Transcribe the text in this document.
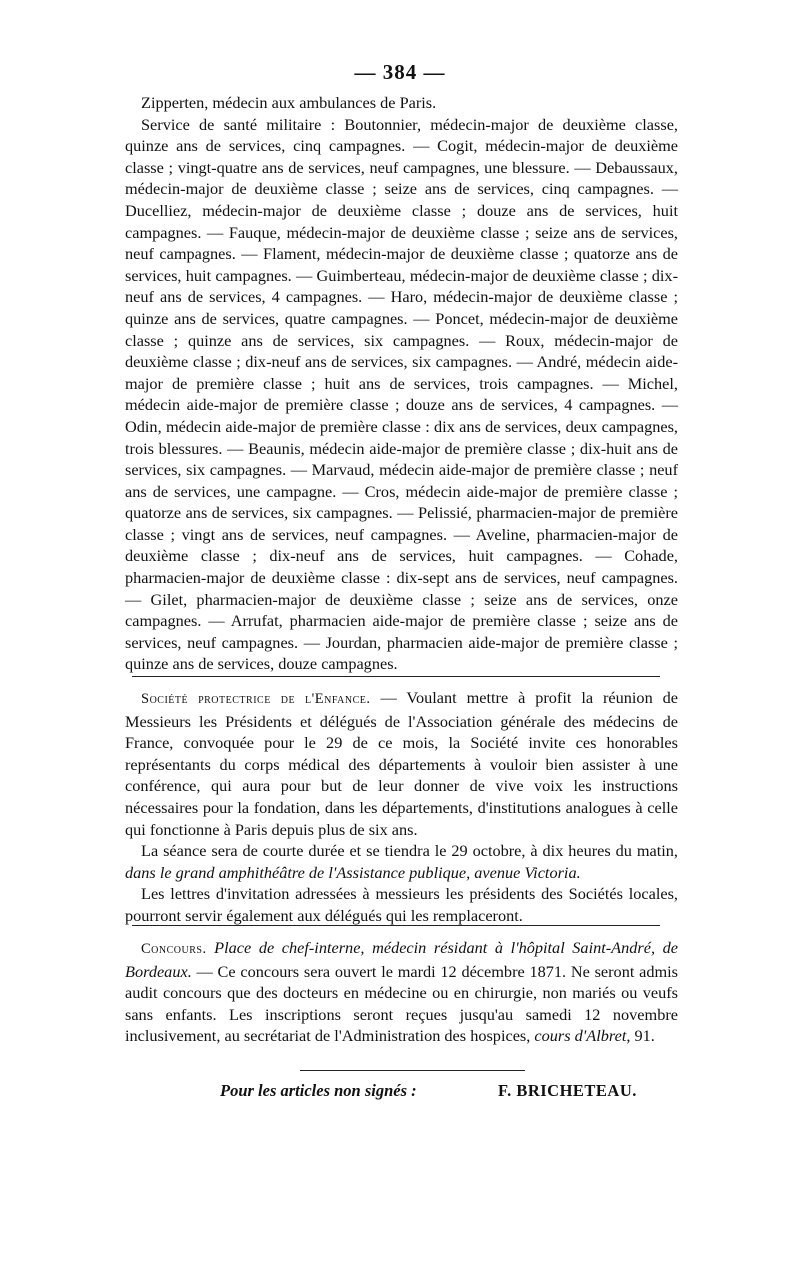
— 384 —

Zipperten, médecin aux ambulances de Paris.

Service de santé militaire : Boutonnier, médecin-major de deuxième classe, quinze ans de services, cinq campagnes. — Cogit, médecin-major de deuxième classe ; vingt-quatre ans de services, neuf campagnes, une blessure. — Debaussaux, médecin-major de deuxième classe ; seize ans de services, cinq campagnes. — Ducelliez, médecin-major de deuxième classe ; douze ans de services, huit campagnes. — Fauque, médecin-major de deuxième classe ; seize ans de services, neuf campagnes. — Flament, médecin-major de deuxième classe ; quatorze ans de services, huit campagnes. — Guimberteau, médecin-major de deuxième classe ; dix-neuf ans de services, 4 campagnes. — Haro, médecin-major de deuxième classe ; quinze ans de services, quatre campagnes. — Poncet, médecin-major de deuxième classe ; quinze ans de services, six campagnes. — Roux, médecin-major de deuxième classe ; dix-neuf ans de services, six campagnes. — André, médecin aide-major de première classe ; huit ans de services, trois campagnes. — Michel, médecin aide-major de première classe ; douze ans de services, 4 campagnes. — Odin, médecin aide-major de première classe : dix ans de services, deux campagnes, trois blessures. — Beaunis, médecin aide-major de première classe ; dix-huit ans de services, six campagnes. — Marvaud, médecin aide-major de première classe ; neuf ans de services, une campagne. — Cros, médecin aide-major de première classe ; quatorze ans de services, six campagnes. — Pelissié, pharmacien-major de première classe ; vingt ans de services, neuf campagnes. — Aveline, pharmacien-major de deuxième classe ; dix-neuf ans de services, huit campagnes. — Cohade, pharmacien-major de deuxième classe : dix-sept ans de services, neuf campagnes. — Gilet, pharmacien-major de deuxième classe ; seize ans de services, onze campagnes. — Arrufat, pharmacien aide-major de première classe ; seize ans de services, neuf campagnes. — Jourdan, pharmacien aide-major de première classe ; quinze ans de services, douze campagnes.

Société protectrice de l'Enfance. — Voulant mettre à profit la réunion de Messieurs les Présidents et délégués de l'Association générale des médecins de France, convoquée pour le 29 de ce mois, la Société invite ces honorables représentants du corps médical des départements à vouloir bien assister à une conférence, qui aura pour but de leur donner de vive voix les instructions nécessaires pour la fondation, dans les départements, d'institutions analogues à celle qui fonctionne à Paris depuis plus de six ans.

La séance sera de courte durée et se tiendra le 29 octobre, à dix heures du matin, dans le grand amphithéâtre de l'Assistance publique, avenue Victoria.

Les lettres d'invitation adressées à messieurs les présidents des Sociétés locales, pourront servir également aux délégués qui les remplaceront.

Concours. Place de chef-interne, médecin résidant à l'hôpital Saint-André, de Bordeaux. — Ce concours sera ouvert le mardi 12 décembre 1871. Ne seront admis audit concours que des docteurs en médecine ou en chirurgie, non mariés ou veufs sans enfants. Les inscriptions seront reçues jusqu'au samedi 12 novembre inclusivement, au secrétariat de l'Administration des hospices, cours d'Albret, 91.

Pour les articles non signés :	F. BRICHETEAU.
